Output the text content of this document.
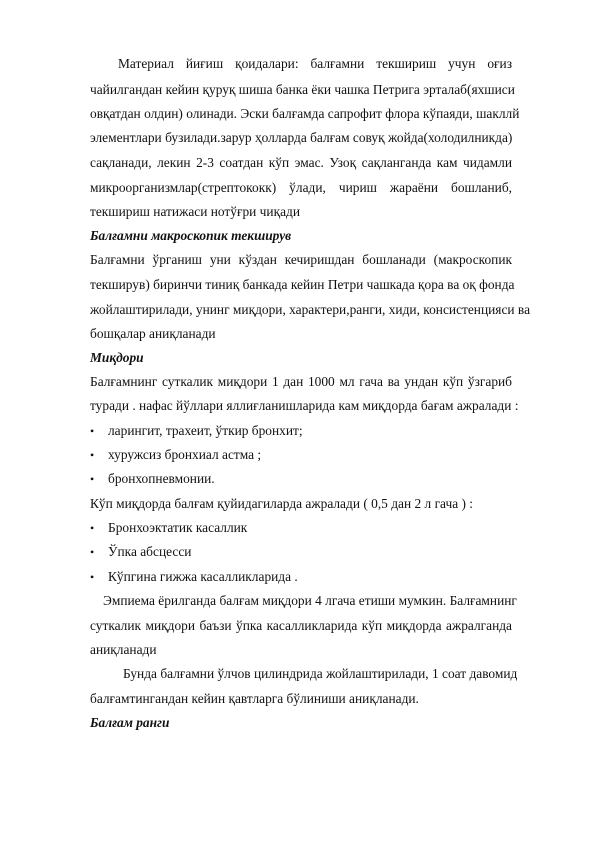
Материал йиғиш қоидалари: балғамни текшириш учун оғиз
чайилгандан кейин қуруқ шиша банка ёки чашка Петрига эрталаб(яхшиси
овқатдан олдин) олинади. Эски балғамда сапрофит флора кўпаяди, шакллй
элементлари бузилади.зарур ҳолларда балғам совуқ жойда(холодилникда)
сақланади, лекин 2-3 соатдан кўп эмас. Узоқ сақланганда кам чидамли
микроорганизмлар(стрептококк) ўлади, чириш жараёни бошланиб,
текшириш натижаси нотўғри чиқади
Балғамни макроскопик текширув
Балғамни ўрганиш уни кўздан кечиришдан бошланади (макроскопик
текширув) биринчи тиниқ банкада кейин Петри чашкада қора ва оқ фонда
жойлаштирилади, унинг миқдори, характери,ранги, хиди, консистенцияси ва
бошқалар аниқланади
Миқдори
Балғамнинг суткалик миқдори 1 дан 1000 мл гача ва ундан кўп ўзгариб
туради . нафас йўллари яллиғланишларида кам миқдорда бағам ажралади :
•	ларингит, трахеит, ўткир бронхит;
•	хуружсиз бронхиал астма ;
•	бронхопневмонии.
Кўп миқдорда балғам қуйидагиларда ажралади ( 0,5 дан 2 л гача ) :
•	Бронхоэктатик касаллик
•	Ўпка абсцесси
•	Кўпгина гижжа касалликларида .
Эмпиема ёрилганда балғам миқдори 4 лгача етиши мумкин. Балғамнинг
суткалик миқдори баъзи ўпка касалликларида кўп миқдорда ажралганда
аниқланади
Бунда балғамни ўлчов цилиндрида жойлаштирилади, 1 соат давомид
балғамтингандан кейин қавтларга бўлиниши аниқланади.
Балғам ранги
